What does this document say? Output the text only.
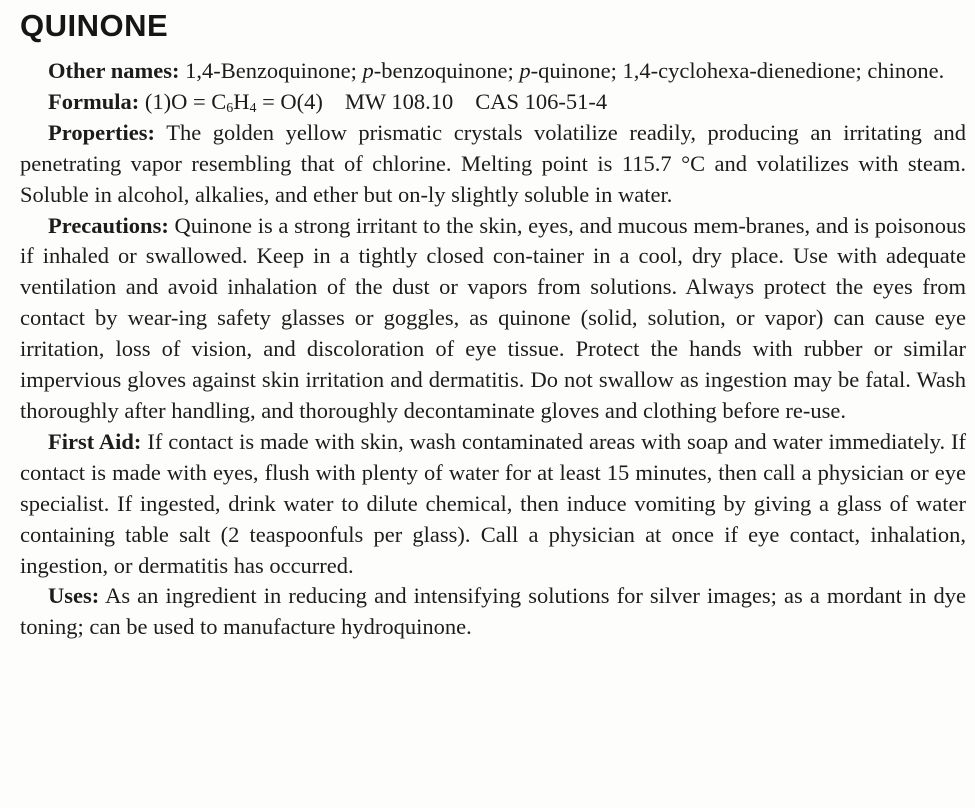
QUINONE

Other names: 1,4-Benzoquinone; p-benzoquinone; p-quinone; 1,4-cyclohexa-dienedione; chinone.

Formula: $(1)O = C_6H_4 = O(4)$ MW 108.10 CAS 106-51-4

Properties: The golden yellow prismatic crystals volatilize readily, producing an irritating and penetrating vapor resembling that of chlorine. Melting point is 115.7 °C and volatilizes with steam. Soluble in alcohol, alkalies, and ether but on-ly slightly soluble in water.

Precautions: Quinone is a strong irritant to the skin, eyes, and mucous mem-branes, and is poisonous if inhaled or swallowed. Keep in a tightly closed con-tainer in a cool, dry place. Use with adequate ventilation and avoid inhalation of the dust or vapors from solutions. Always protect the eyes from contact by wear-ing safety glasses or goggles, as quinone (solid, solution, or vapor) can cause eye irritation, loss of vision, and discoloration of eye tissue. Protect the hands with rubber or similar impervious gloves against skin irritation and dermatitis. Do not swallow as ingestion may be fatal. Wash thoroughly after handling, and thoroughly decontaminate gloves and clothing before re-use.

First Aid: If contact is made with skin, wash contaminated areas with soap and water immediately. If contact is made with eyes, flush with plenty of water for at least 15 minutes, then call a physician or eye specialist. If ingested, drink water to dilute chemical, then induce vomiting by giving a glass of water containing table salt (2 teaspoonfuls per glass). Call a physician at once if eye contact, inhalation, ingestion, or dermatitis has occurred.

Uses: As an ingredient in reducing and intensifying solutions for silver images; as a mordant in dye toning; can be used to manufacture hydroquinone.
